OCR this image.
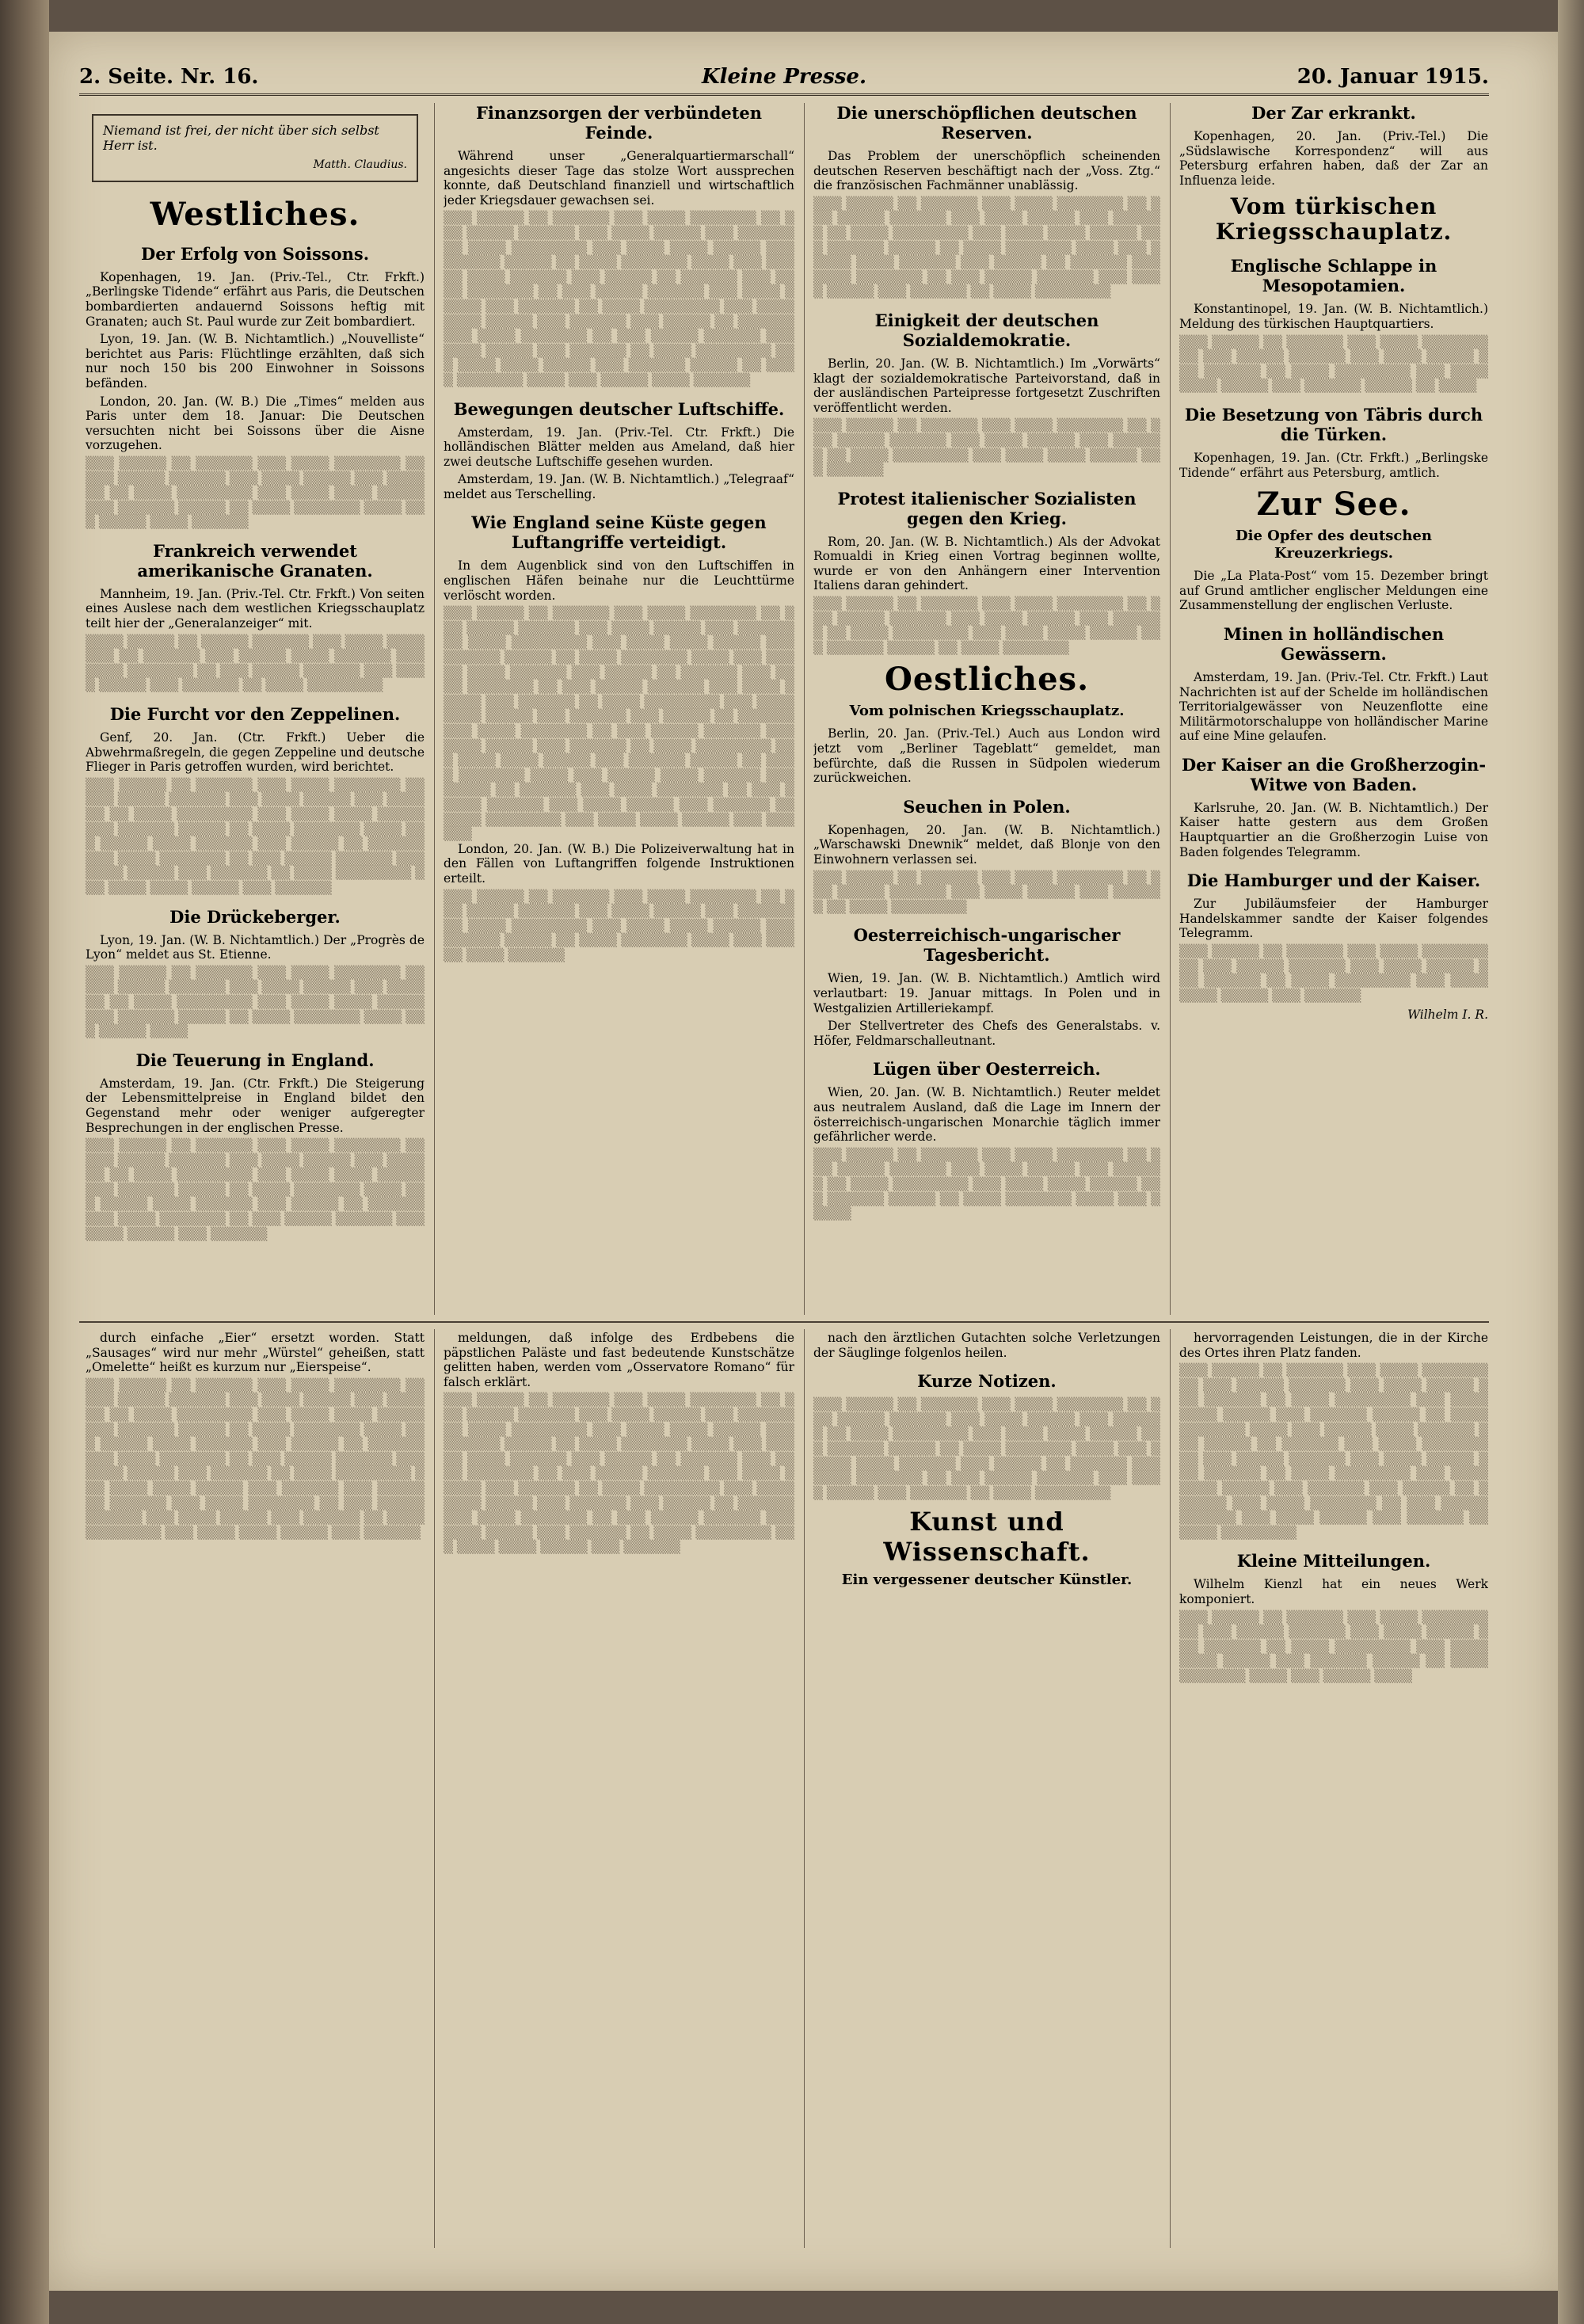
2. Seite. Nr. 16.	Kleine Presse.	20. Januar 1915.
Niemand ist frei, der nicht über sich selbst Herr ist.
Matth. Claudius.
Westliches.
Der Erfolg von Soissons.

Kopenhagen, 19. Jan. (Priv.-Tel., Ctr. Frkft.) „Berlingske Tidende“ erfährt aus Paris, die Deutschen bombardierten andauernd Soissons heftig mit Granaten; auch St. Paul wurde zur Zeit bombardiert.

Lyon, 19. Jan. (W. B. Nichtamtlich.) „Nouvelliste“ berichtet aus Paris: Flüchtlinge erzählten, daß sich nur noch 150 bis 200 Einwohner in Soissons befänden.

London, 20. Jan. (W. B.) Die „Times“ melden aus Paris unter dem 18. Januar: Die Deutschen versuchten nicht bei Soissons über die Aisne vorzugehen.

▒▒▒ ▒▒▒▒▒ ▒▒ ▒▒▒▒▒▒ ▒▒▒ ▒▒▒▒ ▒▒▒▒▒▒▒ ▒▒ ▒▒▒ ▒▒▒▒▒ ▒▒▒▒▒▒ ▒▒▒ ▒▒▒▒ ▒▒▒▒▒ ▒▒▒ ▒▒▒▒▒▒ ▒▒ ▒▒▒▒ ▒▒▒▒▒▒▒▒ ▒▒▒ ▒▒▒▒ ▒▒▒▒ ▒▒▒▒▒ ▒▒▒ ▒▒▒▒▒▒ ▒▒▒▒▒ ▒▒ ▒▒▒▒ ▒▒▒▒▒▒▒ ▒▒▒▒ ▒▒▒ ▒▒▒▒▒ ▒▒▒▒ ▒▒▒▒▒▒
Frankreich verwendet amerikanische Granaten.

Mannheim, 19. Jan. (Priv.-Tel. Ctr. Frkft.) Von seiten eines Auslese nach dem westlichen Kriegsschauplatz teilt hier der „Generalanzeiger“ mit.

▒▒▒▒ ▒▒▒▒▒ ▒▒ ▒▒▒▒▒ ▒▒▒▒▒▒ ▒▒▒ ▒▒▒▒ ▒▒▒▒▒▒▒ ▒▒ ▒▒▒▒▒▒ ▒▒▒ ▒▒▒▒▒ ▒▒▒▒ ▒▒▒▒▒▒ ▒▒▒ ▒▒▒▒ ▒▒▒▒▒▒▒ ▒▒ ▒▒▒ ▒▒▒▒▒ ▒▒▒▒▒▒ ▒▒▒ ▒▒▒▒ ▒▒▒▒▒ ▒▒▒ ▒▒▒▒▒▒ ▒▒ ▒▒▒▒ ▒▒▒▒▒▒▒▒
Die Furcht vor den Zeppelinen.

Genf, 20. Jan. (Ctr. Frkft.) Ueber die Abwehrmaßregeln, die gegen Zeppeline und deutsche Flieger in Paris getroffen wurden, wird berichtet.

▒▒▒ ▒▒▒▒▒ ▒▒ ▒▒▒▒▒▒ ▒▒▒ ▒▒▒▒ ▒▒▒▒▒▒▒ ▒▒ ▒▒▒ ▒▒▒▒▒ ▒▒▒▒▒▒ ▒▒▒ ▒▒▒▒ ▒▒▒▒▒ ▒▒▒ ▒▒▒▒▒▒ ▒▒ ▒▒▒▒ ▒▒▒▒▒▒▒▒ ▒▒▒ ▒▒▒▒ ▒▒▒▒ ▒▒▒▒▒ ▒▒▒ ▒▒▒▒▒▒ ▒▒▒▒▒ ▒▒ ▒▒▒▒ ▒▒▒▒▒▒▒ ▒▒▒▒ ▒▒▒ ▒▒▒▒▒ ▒▒▒▒ ▒▒▒▒▒▒ ▒▒▒ ▒▒▒▒▒ ▒▒ ▒▒▒▒▒▒ ▒▒▒ ▒▒▒▒ ▒▒▒▒▒▒▒ ▒▒ ▒▒▒ ▒▒▒▒▒ ▒▒▒▒▒▒ ▒▒▒ ▒▒▒▒ ▒▒▒▒▒ ▒▒▒ ▒▒▒▒▒▒ ▒▒ ▒▒▒▒ ▒▒▒▒▒▒▒▒ ▒▒▒ ▒▒▒▒ ▒▒▒▒ ▒▒▒▒▒ ▒▒▒ ▒▒▒▒▒▒
Die Drückeberger.

Lyon, 19. Jan. (W. B. Nichtamtlich.) Der „Progrès de Lyon“ meldet aus St. Etienne.

▒▒▒ ▒▒▒▒▒ ▒▒ ▒▒▒▒▒▒ ▒▒▒ ▒▒▒▒ ▒▒▒▒▒▒▒ ▒▒ ▒▒▒ ▒▒▒▒▒ ▒▒▒▒▒▒ ▒▒▒ ▒▒▒▒ ▒▒▒▒▒ ▒▒▒ ▒▒▒▒▒▒ ▒▒ ▒▒▒▒ ▒▒▒▒▒▒▒▒ ▒▒▒ ▒▒▒▒ ▒▒▒▒ ▒▒▒▒▒ ▒▒▒ ▒▒▒▒▒▒ ▒▒▒▒▒ ▒▒ ▒▒▒▒ ▒▒▒▒▒▒▒ ▒▒▒▒ ▒▒▒ ▒▒▒▒▒ ▒▒▒▒
Die Teuerung in England.

Amsterdam, 19. Jan. (Ctr. Frkft.) Die Steigerung der Lebensmittelpreise in England bildet den Gegenstand mehr oder weniger aufgeregter Besprechungen in der englischen Presse.

▒▒▒ ▒▒▒▒▒ ▒▒ ▒▒▒▒▒▒ ▒▒▒ ▒▒▒▒ ▒▒▒▒▒▒▒ ▒▒ ▒▒▒ ▒▒▒▒▒ ▒▒▒▒▒▒ ▒▒▒ ▒▒▒▒ ▒▒▒▒▒ ▒▒▒ ▒▒▒▒▒▒ ▒▒ ▒▒▒▒ ▒▒▒▒▒▒▒▒ ▒▒▒ ▒▒▒▒ ▒▒▒▒ ▒▒▒▒▒ ▒▒▒ ▒▒▒▒▒▒ ▒▒▒▒▒ ▒▒ ▒▒▒▒ ▒▒▒▒▒▒▒ ▒▒▒▒ ▒▒▒ ▒▒▒▒▒ ▒▒▒▒ ▒▒▒▒▒▒ ▒▒▒ ▒▒▒▒▒ ▒▒ ▒▒▒▒▒▒ ▒▒▒ ▒▒▒▒ ▒▒▒▒▒▒▒ ▒▒ ▒▒▒ ▒▒▒▒▒ ▒▒▒▒▒▒ ▒▒▒ ▒▒▒▒ ▒▒▒▒▒ ▒▒▒ ▒▒▒▒▒▒
Finanzsorgen der verbündeten Feinde.

Während unser „Generalquartiermarschall“ angesichts dieser Tage das stolze Wort aussprechen konnte, daß Deutschland finanziell und wirtschaftlich jeder Kriegsdauer gewachsen sei.

▒▒▒ ▒▒▒▒▒ ▒▒ ▒▒▒▒▒▒ ▒▒▒ ▒▒▒▒ ▒▒▒▒▒▒▒ ▒▒ ▒▒▒ ▒▒▒▒▒ ▒▒▒▒▒▒ ▒▒▒ ▒▒▒▒ ▒▒▒▒▒ ▒▒▒ ▒▒▒▒▒▒ ▒▒ ▒▒▒▒ ▒▒▒▒▒▒▒▒ ▒▒▒ ▒▒▒▒ ▒▒▒▒ ▒▒▒▒▒ ▒▒▒ ▒▒▒▒▒▒ ▒▒▒▒▒ ▒▒ ▒▒▒▒ ▒▒▒▒▒▒▒ ▒▒▒▒ ▒▒▒ ▒▒▒▒▒ ▒▒▒▒ ▒▒▒▒▒▒ ▒▒▒ ▒▒▒▒▒ ▒▒ ▒▒▒▒▒▒ ▒▒▒ ▒▒▒▒ ▒▒▒▒▒▒▒ ▒▒ ▒▒▒ ▒▒▒▒▒ ▒▒▒▒▒▒ ▒▒▒ ▒▒▒▒ ▒▒▒▒▒ ▒▒▒ ▒▒▒▒▒▒ ▒▒ ▒▒▒▒ ▒▒▒▒▒▒▒▒ ▒▒▒ ▒▒▒▒ ▒▒▒▒ ▒▒▒▒▒ ▒▒▒ ▒▒▒▒▒▒ ▒▒▒ ▒▒▒▒▒ ▒▒ ▒▒▒▒▒▒ ▒▒▒ ▒▒▒▒ ▒▒▒▒▒▒▒ ▒▒ ▒▒▒ ▒▒▒▒▒ ▒▒▒▒▒▒ ▒▒▒ ▒▒▒▒ ▒▒▒▒▒ ▒▒▒ ▒▒▒▒▒▒ ▒▒ ▒▒▒▒ ▒▒▒▒▒▒▒▒ ▒▒▒ ▒▒▒▒ ▒▒▒▒ ▒▒▒▒▒ ▒▒▒ ▒▒▒▒▒▒ ▒▒▒▒▒ ▒▒ ▒▒▒▒ ▒▒▒▒▒▒▒ ▒▒▒▒ ▒▒▒ ▒▒▒▒▒ ▒▒▒▒ ▒▒▒▒▒▒
Bewegungen deutscher Luftschiffe.

Amsterdam, 19. Jan. (Priv.-Tel. Ctr. Frkft.) Die holländischen Blätter melden aus Ameland, daß hier zwei deutsche Luftschiffe gesehen wurden.

Amsterdam, 19. Jan. (W. B. Nichtamtlich.) „Telegraaf“ meldet aus Terschelling.

Wie England seine Küste gegen Luftangriffe verteidigt.

In dem Augenblick sind von den Luftschiffen in englischen Häfen beinahe nur die Leuchttürme verlöscht worden.

▒▒▒ ▒▒▒▒▒ ▒▒ ▒▒▒▒▒▒ ▒▒▒ ▒▒▒▒ ▒▒▒▒▒▒▒ ▒▒ ▒▒▒ ▒▒▒▒▒ ▒▒▒▒▒▒ ▒▒▒ ▒▒▒▒ ▒▒▒▒▒ ▒▒▒ ▒▒▒▒▒▒ ▒▒ ▒▒▒▒ ▒▒▒▒▒▒▒▒ ▒▒▒ ▒▒▒▒ ▒▒▒▒ ▒▒▒▒▒ ▒▒▒ ▒▒▒▒▒▒ ▒▒▒▒▒ ▒▒ ▒▒▒▒ ▒▒▒▒▒▒▒ ▒▒▒▒ ▒▒▒ ▒▒▒▒▒ ▒▒▒▒ ▒▒▒▒▒▒ ▒▒▒ ▒▒▒▒▒ ▒▒ ▒▒▒▒▒▒ ▒▒▒ ▒▒▒▒ ▒▒▒▒▒▒▒ ▒▒ ▒▒▒ ▒▒▒▒▒ ▒▒▒▒▒▒ ▒▒▒ ▒▒▒▒ ▒▒▒▒▒ ▒▒▒ ▒▒▒▒▒▒ ▒▒ ▒▒▒▒ ▒▒▒▒▒▒▒▒ ▒▒▒ ▒▒▒▒ ▒▒▒▒ ▒▒▒▒▒ ▒▒▒ ▒▒▒▒▒▒ ▒▒▒ ▒▒▒▒▒ ▒▒ ▒▒▒▒▒▒ ▒▒▒ ▒▒▒▒ ▒▒▒▒▒▒▒ ▒▒ ▒▒▒ ▒▒▒▒▒ ▒▒▒▒▒▒ ▒▒▒ ▒▒▒▒ ▒▒▒▒▒ ▒▒▒ ▒▒▒▒▒▒ ▒▒ ▒▒▒▒ ▒▒▒▒▒▒▒▒ ▒▒▒ ▒▒▒▒ ▒▒▒▒ ▒▒▒▒▒ ▒▒▒ ▒▒▒▒▒▒ ▒▒▒▒▒ ▒▒ ▒▒▒▒ ▒▒▒▒▒▒▒ ▒▒▒▒ ▒▒▒ ▒▒▒▒▒ ▒▒▒▒ ▒▒▒▒▒▒ ▒▒▒ ▒▒▒▒▒ ▒▒ ▒▒▒▒▒▒ ▒▒▒ ▒▒▒▒ ▒▒▒▒▒▒▒ ▒▒ ▒▒▒ ▒▒▒▒▒ ▒▒▒▒▒▒ ▒▒▒ ▒▒▒▒ ▒▒▒▒▒ ▒▒▒ ▒▒▒▒▒▒ ▒▒ ▒▒▒▒ ▒▒▒▒▒▒▒▒ ▒▒▒ ▒▒▒▒ ▒▒▒▒ ▒▒▒▒▒ ▒▒▒ ▒▒▒▒▒▒

London, 20. Jan. (W. B.) Die Polizeiverwaltung hat in den Fällen von Luftangriffen folgende Instruktionen erteilt.

▒▒▒ ▒▒▒▒▒ ▒▒ ▒▒▒▒▒▒ ▒▒▒ ▒▒▒▒ ▒▒▒▒▒▒▒ ▒▒ ▒▒▒ ▒▒▒▒▒ ▒▒▒▒▒▒ ▒▒▒ ▒▒▒▒ ▒▒▒▒▒ ▒▒▒ ▒▒▒▒▒▒ ▒▒ ▒▒▒▒ ▒▒▒▒▒▒▒▒ ▒▒▒ ▒▒▒▒ ▒▒▒▒ ▒▒▒▒▒ ▒▒▒ ▒▒▒▒▒▒ ▒▒▒▒▒ ▒▒ ▒▒▒▒ ▒▒▒▒▒▒▒ ▒▒▒▒ ▒▒▒ ▒▒▒▒▒ ▒▒▒▒ ▒▒▒▒▒▒
Die unerschöpflichen deutschen Reserven.

Das Problem der unerschöpflich scheinenden deutschen Reserven beschäftigt nach der „Voss. Ztg.“ die französischen Fachmänner unablässig.

▒▒▒ ▒▒▒▒▒ ▒▒ ▒▒▒▒▒▒ ▒▒▒ ▒▒▒▒ ▒▒▒▒▒▒▒ ▒▒ ▒▒▒ ▒▒▒▒▒ ▒▒▒▒▒▒ ▒▒▒ ▒▒▒▒ ▒▒▒▒▒ ▒▒▒ ▒▒▒▒▒▒ ▒▒ ▒▒▒▒ ▒▒▒▒▒▒▒▒ ▒▒▒ ▒▒▒▒ ▒▒▒▒ ▒▒▒▒▒ ▒▒▒ ▒▒▒▒▒▒ ▒▒▒▒▒ ▒▒ ▒▒▒▒ ▒▒▒▒▒▒▒ ▒▒▒▒ ▒▒▒ ▒▒▒▒▒ ▒▒▒▒ ▒▒▒▒▒▒ ▒▒▒ ▒▒▒▒▒ ▒▒ ▒▒▒▒▒▒ ▒▒▒ ▒▒▒▒ ▒▒▒▒▒▒▒ ▒▒ ▒▒▒ ▒▒▒▒▒ ▒▒▒▒▒▒ ▒▒▒ ▒▒▒▒ ▒▒▒▒▒ ▒▒▒ ▒▒▒▒▒▒ ▒▒ ▒▒▒▒ ▒▒▒▒▒▒▒▒
Einigkeit der deutschen Sozialdemokratie.

Berlin, 20. Jan. (W. B. Nichtamtlich.) Im „Vorwärts“ klagt der sozialdemokratische Parteivorstand, daß in der ausländischen Parteipresse fortgesetzt Zuschriften veröffentlicht werden.

▒▒▒ ▒▒▒▒▒ ▒▒ ▒▒▒▒▒▒ ▒▒▒ ▒▒▒▒ ▒▒▒▒▒▒▒ ▒▒ ▒▒▒ ▒▒▒▒▒ ▒▒▒▒▒▒ ▒▒▒ ▒▒▒▒ ▒▒▒▒▒ ▒▒▒ ▒▒▒▒▒▒ ▒▒ ▒▒▒▒ ▒▒▒▒▒▒▒▒ ▒▒▒ ▒▒▒▒ ▒▒▒▒ ▒▒▒▒▒ ▒▒▒ ▒▒▒▒▒▒
Protest italienischer Sozialisten gegen den Krieg.

Rom, 20. Jan. (W. B. Nichtamtlich.) Als der Advokat Romualdi in Krieg einen Vortrag beginnen wollte, wurde er von den Anhängern einer Intervention Italiens daran gehindert.

▒▒▒ ▒▒▒▒▒ ▒▒ ▒▒▒▒▒▒ ▒▒▒ ▒▒▒▒ ▒▒▒▒▒▒▒ ▒▒ ▒▒▒ ▒▒▒▒▒ ▒▒▒▒▒▒ ▒▒▒ ▒▒▒▒ ▒▒▒▒▒ ▒▒▒ ▒▒▒▒▒▒ ▒▒ ▒▒▒▒ ▒▒▒▒▒▒▒▒ ▒▒▒ ▒▒▒▒ ▒▒▒▒ ▒▒▒▒▒ ▒▒▒ ▒▒▒▒▒▒ ▒▒▒▒▒ ▒▒ ▒▒▒▒ ▒▒▒▒▒▒▒
Oestliches.
Vom polnischen Kriegsschauplatz.

Berlin, 20. Jan. (Priv.-Tel.) Auch aus London wird jetzt vom „Berliner Tageblatt“ gemeldet, man befürchte, daß die Russen in Südpolen wiederum zurückweichen.

Seuchen in Polen.

Kopenhagen, 20. Jan. (W. B. Nichtamtlich.) „Warschawski Dnewnik“ meldet, daß Blonje von den Einwohnern verlassen sei.

▒▒▒ ▒▒▒▒▒ ▒▒ ▒▒▒▒▒▒ ▒▒▒ ▒▒▒▒ ▒▒▒▒▒▒▒ ▒▒ ▒▒▒ ▒▒▒▒▒ ▒▒▒▒▒▒ ▒▒▒ ▒▒▒▒ ▒▒▒▒▒ ▒▒▒ ▒▒▒▒▒▒ ▒▒ ▒▒▒▒ ▒▒▒▒▒▒▒▒
Oesterreichisch-ungarischer Tagesbericht.

Wien, 19. Jan. (W. B. Nichtamtlich.) Amtlich wird verlautbart: 19. Januar mittags. In Polen und in Westgalizien Artilleriekampf.

Der Stellvertreter des Chefs des Generalstabs. v. Höfer, Feldmarschalleutnant.

Lügen über Oesterreich.

Wien, 20. Jan. (W. B. Nichtamtlich.) Reuter meldet aus neutralem Ausland, daß die Lage im Innern der österreichisch-ungarischen Monarchie täglich immer gefährlicher werde.

▒▒▒ ▒▒▒▒▒ ▒▒ ▒▒▒▒▒▒ ▒▒▒ ▒▒▒▒ ▒▒▒▒▒▒▒ ▒▒ ▒▒▒ ▒▒▒▒▒ ▒▒▒▒▒▒ ▒▒▒ ▒▒▒▒ ▒▒▒▒▒ ▒▒▒ ▒▒▒▒▒▒ ▒▒ ▒▒▒▒ ▒▒▒▒▒▒▒▒ ▒▒▒ ▒▒▒▒ ▒▒▒▒ ▒▒▒▒▒ ▒▒▒ ▒▒▒▒▒▒ ▒▒▒▒▒ ▒▒ ▒▒▒▒ ▒▒▒▒▒▒▒ ▒▒▒▒ ▒▒▒ ▒▒▒▒▒
Der Zar erkrankt.

Kopenhagen, 20. Jan. (Priv.-Tel.) Die „Südslawische Korrespondenz“ will aus Petersburg erfahren haben, daß der Zar an Influenza leide.

Vom türkischen Kriegsschauplatz.
Englische Schlappe in Mesopotamien.

Konstantinopel, 19. Jan. (W. B. Nichtamtlich.) Meldung des türkischen Hauptquartiers.

▒▒▒ ▒▒▒▒▒ ▒▒ ▒▒▒▒▒▒ ▒▒▒ ▒▒▒▒ ▒▒▒▒▒▒▒ ▒▒ ▒▒▒ ▒▒▒▒▒ ▒▒▒▒▒▒ ▒▒▒ ▒▒▒▒ ▒▒▒▒▒ ▒▒▒ ▒▒▒▒▒▒ ▒▒ ▒▒▒▒ ▒▒▒▒▒▒▒▒ ▒▒▒ ▒▒▒▒ ▒▒▒▒ ▒▒▒▒▒ ▒▒▒ ▒▒▒▒▒▒ ▒▒▒▒▒ ▒▒ ▒▒▒▒
Die Besetzung von Täbris durch die Türken.

Kopenhagen, 19. Jan. (Ctr. Frkft.) „Berlingske Tidende“ erfährt aus Petersburg, amtlich.

Zur See.
Die Opfer des deutschen Kreuzerkriegs.

Die „La Plata-Post“ vom 15. Dezember bringt auf Grund amtlicher englischer Meldungen eine Zusammenstellung der englischen Verluste.

Minen in holländischen Gewässern.

Amsterdam, 19. Jan. (Priv.-Tel. Ctr. Frkft.) Laut Nachrichten ist auf der Schelde im holländischen Territorialgewässer von Neuzenflotte eine Militärmotorschaluppe von holländischer Marine auf eine Mine gelaufen.

Der Kaiser an die Großherzogin-Witwe von Baden.

Karlsruhe, 20. Jan. (W. B. Nichtamtlich.) Der Kaiser hatte gestern aus dem Großen Hauptquartier an die Großherzogin Luise von Baden folgendes Telegramm.

Die Hamburger und der Kaiser.

Zur Jubiläumsfeier der Hamburger Handelskammer sandte der Kaiser folgendes Telegramm.

▒▒▒ ▒▒▒▒▒ ▒▒ ▒▒▒▒▒▒ ▒▒▒ ▒▒▒▒ ▒▒▒▒▒▒▒ ▒▒ ▒▒▒ ▒▒▒▒▒ ▒▒▒▒▒▒ ▒▒▒ ▒▒▒▒ ▒▒▒▒▒ ▒▒▒ ▒▒▒▒▒▒ ▒▒ ▒▒▒▒ ▒▒▒▒▒▒▒▒ ▒▒▒ ▒▒▒▒ ▒▒▒▒ ▒▒▒▒▒ ▒▒▒ ▒▒▒▒▒▒
Wilhelm I. R.

durch einfache „Eier“ ersetzt worden. Statt „Sausages“ wird nur mehr „Würstel“ geheißen, statt „Omelette“ heißt es kurzum nur „Eierspeise“.

▒▒▒ ▒▒▒▒▒ ▒▒ ▒▒▒▒▒▒ ▒▒▒ ▒▒▒▒ ▒▒▒▒▒▒▒ ▒▒ ▒▒▒ ▒▒▒▒▒ ▒▒▒▒▒▒ ▒▒▒ ▒▒▒▒ ▒▒▒▒▒ ▒▒▒ ▒▒▒▒▒▒ ▒▒ ▒▒▒▒ ▒▒▒▒▒▒▒▒ ▒▒▒ ▒▒▒▒ ▒▒▒▒ ▒▒▒▒▒ ▒▒▒ ▒▒▒▒▒▒ ▒▒▒▒▒ ▒▒ ▒▒▒▒ ▒▒▒▒▒▒▒ ▒▒▒▒ ▒▒▒ ▒▒▒▒▒ ▒▒▒▒ ▒▒▒▒▒▒ ▒▒▒ ▒▒▒▒▒ ▒▒ ▒▒▒▒▒▒ ▒▒▒ ▒▒▒▒ ▒▒▒▒▒▒▒ ▒▒ ▒▒▒ ▒▒▒▒▒ ▒▒▒▒▒▒ ▒▒▒ ▒▒▒▒ ▒▒▒▒▒ ▒▒▒ ▒▒▒▒▒▒ ▒▒ ▒▒▒▒ ▒▒▒▒▒▒▒▒ ▒▒▒ ▒▒▒▒ ▒▒▒▒ ▒▒▒▒▒ ▒▒▒ ▒▒▒▒▒▒ ▒▒▒ ▒▒▒▒▒ ▒▒ ▒▒▒▒▒▒ ▒▒▒ ▒▒▒▒ ▒▒▒▒▒▒▒ ▒▒ ▒▒▒ ▒▒▒▒▒ ▒▒▒▒▒▒ ▒▒▒ ▒▒▒▒ ▒▒▒▒▒ ▒▒▒ ▒▒▒▒▒▒ ▒▒ ▒▒▒▒ ▒▒▒▒▒▒▒▒ ▒▒▒ ▒▒▒▒ ▒▒▒▒ ▒▒▒▒▒ ▒▒▒ ▒▒▒▒▒▒

meldungen, daß infolge des Erdbebens die päpstlichen Paläste und fast bedeutende Kunstschätze gelitten haben, werden vom „Osservatore Romano“ für falsch erklärt.

▒▒▒ ▒▒▒▒▒ ▒▒ ▒▒▒▒▒▒ ▒▒▒ ▒▒▒▒ ▒▒▒▒▒▒▒ ▒▒ ▒▒▒ ▒▒▒▒▒ ▒▒▒▒▒▒ ▒▒▒ ▒▒▒▒ ▒▒▒▒▒ ▒▒▒ ▒▒▒▒▒▒ ▒▒ ▒▒▒▒ ▒▒▒▒▒▒▒▒ ▒▒▒ ▒▒▒▒ ▒▒▒▒ ▒▒▒▒▒ ▒▒▒ ▒▒▒▒▒▒ ▒▒▒▒▒ ▒▒ ▒▒▒▒ ▒▒▒▒▒▒▒ ▒▒▒▒ ▒▒▒ ▒▒▒▒▒ ▒▒▒▒ ▒▒▒▒▒▒ ▒▒▒ ▒▒▒▒▒ ▒▒ ▒▒▒▒▒▒ ▒▒▒ ▒▒▒▒ ▒▒▒▒▒▒▒ ▒▒ ▒▒▒ ▒▒▒▒▒ ▒▒▒▒▒▒ ▒▒▒ ▒▒▒▒ ▒▒▒▒▒ ▒▒▒ ▒▒▒▒▒▒ ▒▒ ▒▒▒▒ ▒▒▒▒▒▒▒▒ ▒▒▒ ▒▒▒▒ ▒▒▒▒ ▒▒▒▒▒ ▒▒▒ ▒▒▒▒▒▒ ▒▒▒ ▒▒▒▒▒ ▒▒ ▒▒▒▒▒▒ ▒▒▒ ▒▒▒▒ ▒▒▒▒▒▒▒ ▒▒ ▒▒▒ ▒▒▒▒▒ ▒▒▒▒▒▒ ▒▒▒ ▒▒▒▒ ▒▒▒▒▒ ▒▒▒ ▒▒▒▒▒▒ ▒▒ ▒▒▒▒ ▒▒▒▒▒▒▒▒ ▒▒▒ ▒▒▒▒ ▒▒▒▒ ▒▒▒▒▒ ▒▒▒ ▒▒▒▒▒▒

nach den ärztlichen Gutachten solche Verletzungen der Säuglinge folgenlos heilen.

Kurze Notizen.
▒▒▒ ▒▒▒▒▒ ▒▒ ▒▒▒▒▒▒ ▒▒▒ ▒▒▒▒ ▒▒▒▒▒▒▒ ▒▒ ▒▒▒ ▒▒▒▒▒ ▒▒▒▒▒▒ ▒▒▒ ▒▒▒▒ ▒▒▒▒▒ ▒▒▒ ▒▒▒▒▒▒ ▒▒ ▒▒▒▒ ▒▒▒▒▒▒▒▒ ▒▒▒ ▒▒▒▒ ▒▒▒▒ ▒▒▒▒▒ ▒▒▒ ▒▒▒▒▒▒ ▒▒▒▒▒ ▒▒ ▒▒▒▒ ▒▒▒▒▒▒▒ ▒▒▒▒ ▒▒▒ ▒▒▒▒▒ ▒▒▒▒ ▒▒▒▒▒▒ ▒▒▒ ▒▒▒▒▒ ▒▒ ▒▒▒▒▒▒ ▒▒▒ ▒▒▒▒ ▒▒▒▒▒▒▒ ▒▒ ▒▒▒ ▒▒▒▒▒ ▒▒▒▒▒▒ ▒▒▒ ▒▒▒▒ ▒▒▒▒▒ ▒▒▒ ▒▒▒▒▒▒ ▒▒ ▒▒▒▒ ▒▒▒▒▒▒▒▒
Kunst und Wissenschaft.
Ein vergessener deutscher Künstler.

hervorragenden Leistungen, die in der Kirche des Ortes ihren Platz fanden.

▒▒▒ ▒▒▒▒▒ ▒▒ ▒▒▒▒▒▒ ▒▒▒ ▒▒▒▒ ▒▒▒▒▒▒▒ ▒▒ ▒▒▒ ▒▒▒▒▒ ▒▒▒▒▒▒ ▒▒▒ ▒▒▒▒ ▒▒▒▒▒ ▒▒▒ ▒▒▒▒▒▒ ▒▒ ▒▒▒▒ ▒▒▒▒▒▒▒▒ ▒▒▒ ▒▒▒▒ ▒▒▒▒ ▒▒▒▒▒ ▒▒▒ ▒▒▒▒▒▒ ▒▒▒▒▒ ▒▒ ▒▒▒▒ ▒▒▒▒▒▒▒ ▒▒▒▒ ▒▒▒ ▒▒▒▒▒ ▒▒▒▒ ▒▒▒▒▒▒ ▒▒▒ ▒▒▒▒▒ ▒▒ ▒▒▒▒▒▒ ▒▒▒ ▒▒▒▒ ▒▒▒▒▒▒▒ ▒▒ ▒▒▒ ▒▒▒▒▒ ▒▒▒▒▒▒ ▒▒▒ ▒▒▒▒ ▒▒▒▒▒ ▒▒▒ ▒▒▒▒▒▒ ▒▒ ▒▒▒▒ ▒▒▒▒▒▒▒▒ ▒▒▒ ▒▒▒▒ ▒▒▒▒ ▒▒▒▒▒ ▒▒▒ ▒▒▒▒▒▒ ▒▒▒ ▒▒▒▒▒ ▒▒ ▒▒▒▒▒▒ ▒▒▒ ▒▒▒▒ ▒▒▒▒▒▒▒ ▒▒ ▒▒▒ ▒▒▒▒▒ ▒▒▒▒▒▒ ▒▒▒ ▒▒▒▒ ▒▒▒▒▒ ▒▒▒ ▒▒▒▒▒▒ ▒▒ ▒▒▒▒ ▒▒▒▒▒▒▒▒
Kleine Mitteilungen.

Wilhelm Kienzl hat ein neues Werk komponiert.

▒▒▒ ▒▒▒▒▒ ▒▒ ▒▒▒▒▒▒ ▒▒▒ ▒▒▒▒ ▒▒▒▒▒▒▒ ▒▒ ▒▒▒ ▒▒▒▒▒ ▒▒▒▒▒▒ ▒▒▒ ▒▒▒▒ ▒▒▒▒▒ ▒▒▒ ▒▒▒▒▒▒ ▒▒ ▒▒▒▒ ▒▒▒▒▒▒▒▒ ▒▒▒ ▒▒▒▒ ▒▒▒▒ ▒▒▒▒▒ ▒▒▒ ▒▒▒▒▒▒ ▒▒▒▒▒ ▒▒ ▒▒▒▒ ▒▒▒▒▒▒▒ ▒▒▒▒ ▒▒▒ ▒▒▒▒▒ ▒▒▒▒
